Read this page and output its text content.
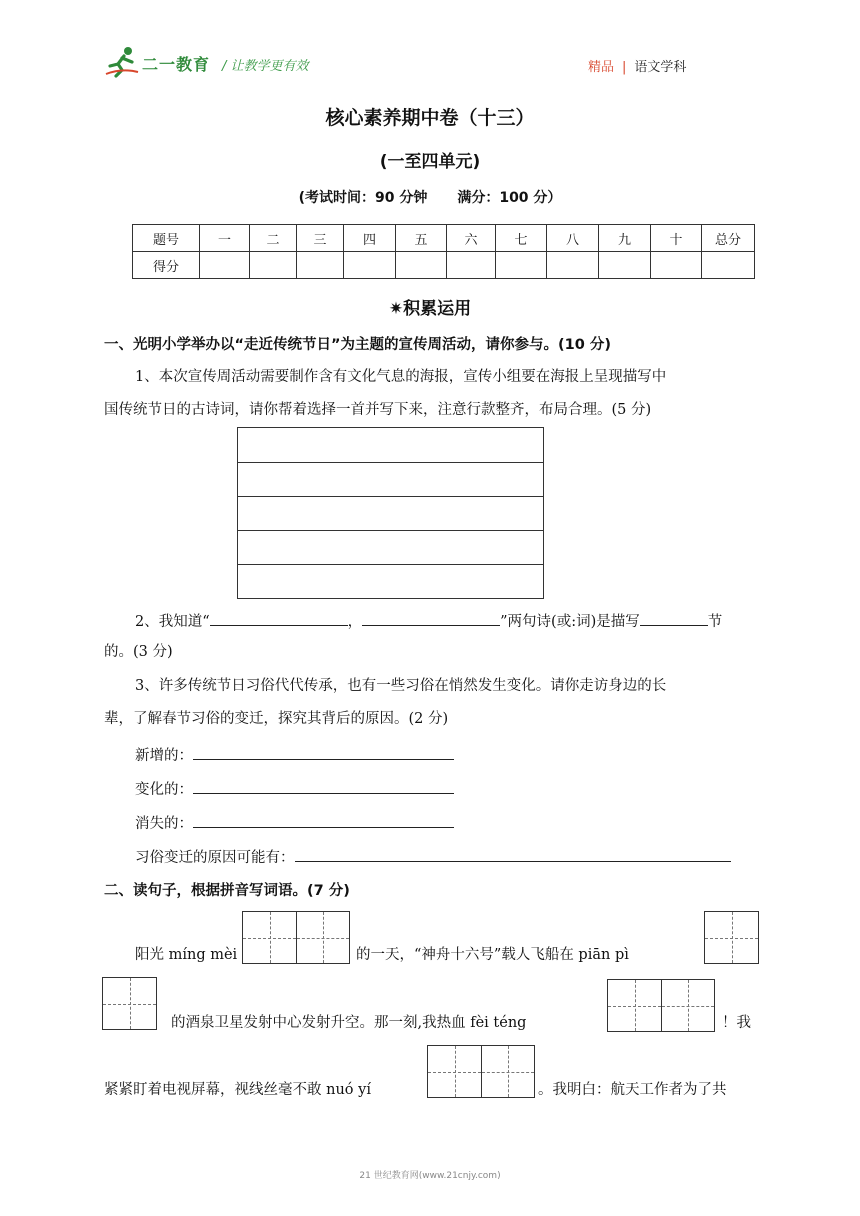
二一教育 / 让教学更有效	精品 | 语文学科
核心素养期中卷（十三）
(一至四单元)
(考试时间：90 分钟 满分：100 分）
题号	一	二	三	四	五	六	七	八	九	十	总分
得分											
✷积累运用
一、光明小学举办以“走近传统节日”为主题的宣传周活动，请你参与。(10 分)
1、本次宣传周活动需要制作含有文化气息的海报，宣传小组要在海报上呈现描写中
国传统节日的古诗词，请你帮着选择一首并写下来，注意行款整齐，布局合理。(5 分)
2、我知道“	，	”两句诗(或:词)是描写	节
的。(3 分)
3、许多传统节日习俗代代传承，也有一些习俗在悄然发生变化。请你走访身边的长
辈，了解春节习俗的变迁，探究其背后的原因。(2 分)
新增的：
变化的：
消失的：
习俗变迁的原因可能有：
二、读句子，根据拼音写词语。(7 分)
阳光 míng mèi	的一天，“神舟十六号”载人飞船在 piān pì
的酒泉卫星发射中心发射升空。那一刻,我热血 fèi téng	！我
紧紧盯着电视屏幕，视线丝毫不敢 nuó yí	。我明白：航天工作者为了共
21 世纪教育网(www.21cnjy.com)
